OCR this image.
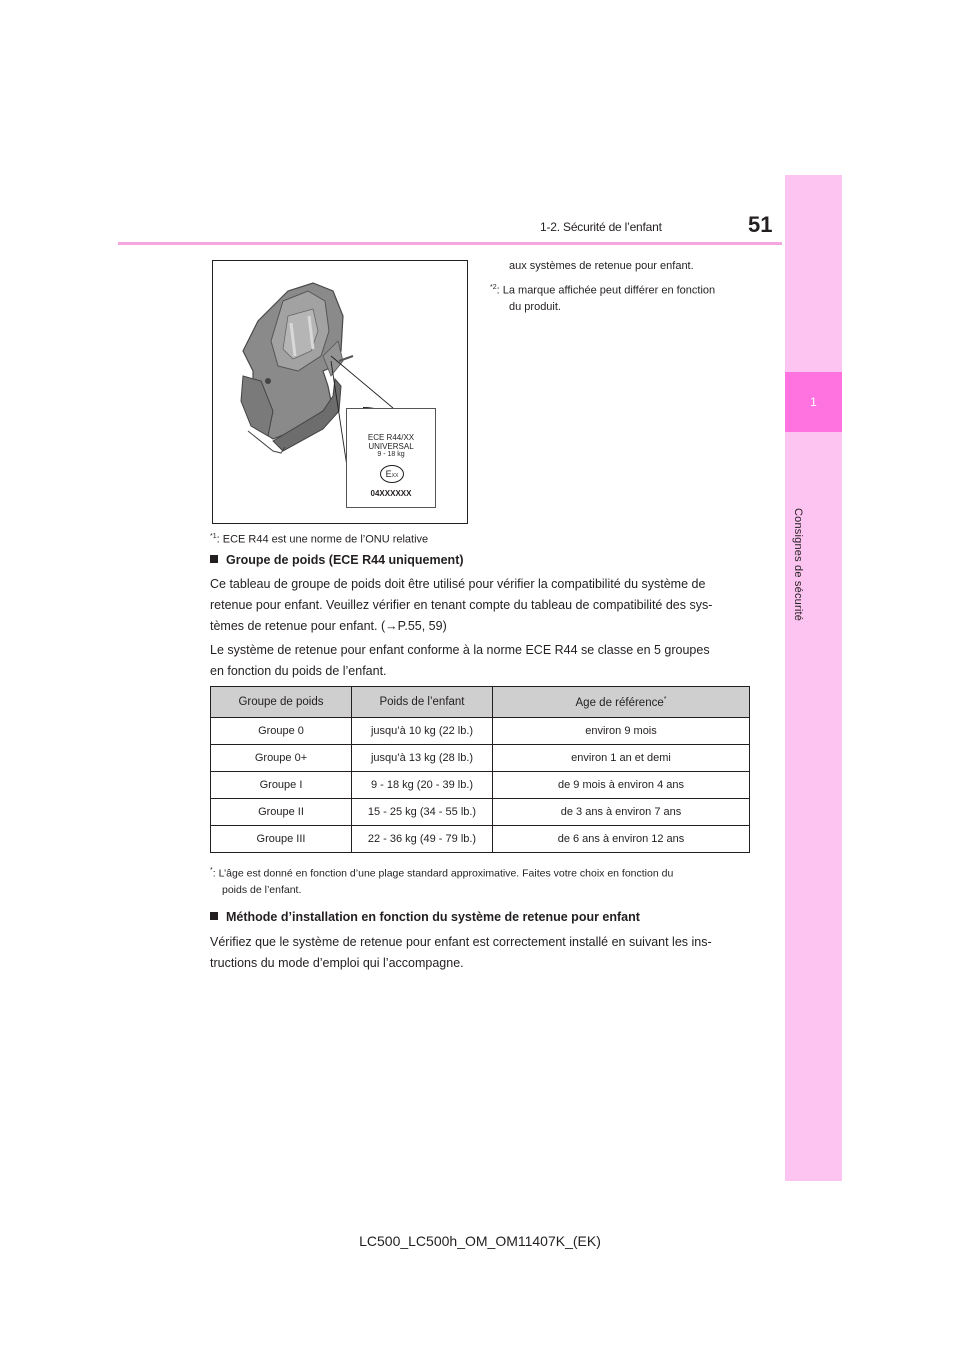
1-2. Sécurité de l’enfant	51
1
Consignes de sécurité
ECE R44/XX
UNIVERSAL
9 - 18 kg
EXX
04XXXXXX
aux systèmes de retenue pour enfant.
$^{*2}$: La marque affichée peut différer en fonction
du produit.
$^{*1}$: ECE R44 est une norme de l’ONU relative
Groupe de poids (ECE R44 uniquement)
Ce tableau de groupe de poids doit être utilisé pour vérifier la compatibilité du système de
retenue pour enfant. Veuillez vérifier en tenant compte du tableau de compatibilité des sys-
tèmes de retenue pour enfant. (→P.55, 59)
Le système de retenue pour enfant conforme à la norme ECE R44 se classe en 5 groupes
en fonction du poids de l’enfant.
Groupe de poids	Poids de l’enfant	Age de référence*
Groupe 0	jusqu’à 10 kg (22 lb.)	environ 9 mois
Groupe 0+	jusqu’à 13 kg (28 lb.)	environ 1 an et demi
Groupe I	9 - 18 kg (20 - 39 lb.)	de 9 mois à environ 4 ans
Groupe II	15 - 25 kg (34 - 55 lb.)	de 3 ans à environ 7 ans
Groupe III	22 - 36 kg (49 - 79 lb.)	de 6 ans à environ 12 ans
*: L’âge est donné en fonction d’une plage standard approximative. Faites votre choix en fonction du
poids de l’enfant.
Méthode d’installation en fonction du système de retenue pour enfant
Vérifiez que le système de retenue pour enfant est correctement installé en suivant les ins-
tructions du mode d’emploi qui l’accompagne.
LC500_LC500h_OM_OM11407K_(EK)
